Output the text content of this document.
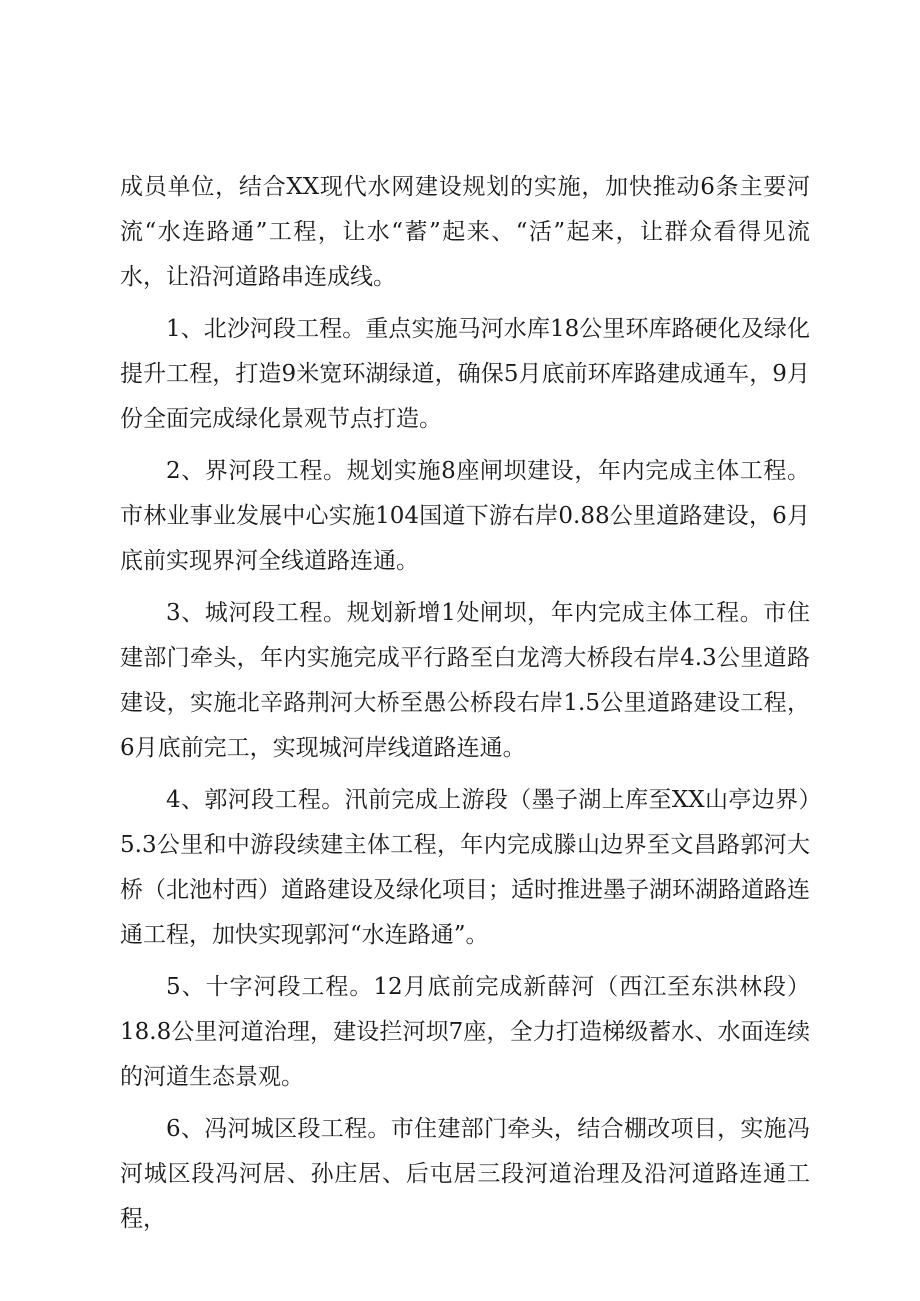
成员单位，结合XX现代水网建设规划的实施，加快推动6条主要河流“水连路通”工程，让水“蓄”起来、“活”起来，让群众看得见流水，让沿河道路串连成线。

1、北沙河段工程。重点实施马河水库18公里环库路硬化及绿化提升工程，打造9米宽环湖绿道，确保5月底前环库路建成通车，9月份全面完成绿化景观节点打造。

2、界河段工程。规划实施8座闸坝建设，年内完成主体工程。市林业事业发展中心实施104国道下游右岸0.88公里道路建设，6月底前实现界河全线道路连通。

3、城河段工程。规划新增1处闸坝，年内完成主体工程。市住建部门牵头，年内实施完成平行路至白龙湾大桥段右岸4.3公里道路建设，实施北辛路荆河大桥至愚公桥段右岸1.5公里道路建设工程，6月底前完工，实现城河岸线道路连通。

4、郭河段工程。汛前完成上游段（墨子湖上库至XX山亭边界）5.3公里和中游段续建主体工程，年内完成滕山边界至文昌路郭河大桥（北池村西）道路建设及绿化项目；适时推进墨子湖环湖路道路连通工程，加快实现郭河“水连路通”。

5、十字河段工程。12月底前完成新薛河（西江至东洪林段）18.8公里河道治理，建设拦河坝7座，全力打造梯级蓄水、水面连续的河道生态景观。

6、冯河城区段工程。市住建部门牵头，结合棚改项目，实施冯河城区段冯河居、孙庄居、后屯居三段河道治理及沿河道路连通工程，
